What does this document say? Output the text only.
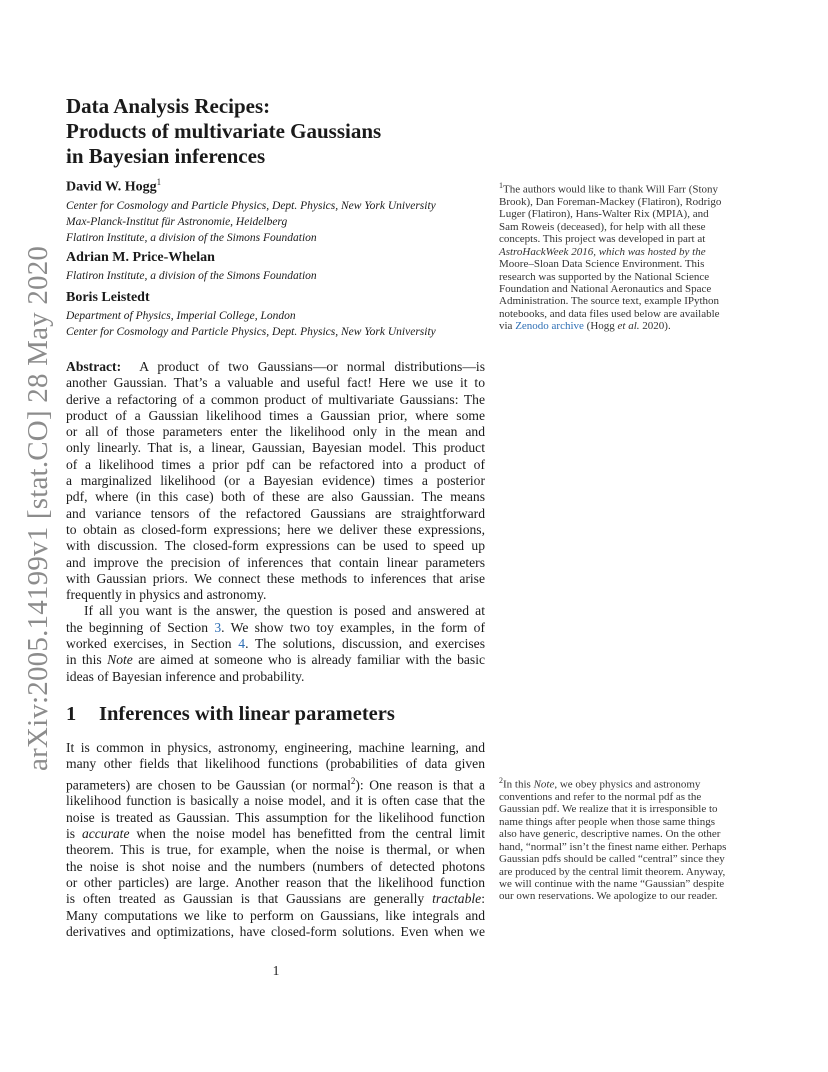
arXiv:2005.14199v1 [stat.CO] 28 May 2020
Data Analysis Recipes:
Products of multivariate Gaussians
in Bayesian inferences
David W. Hogg$^1$
Center for Cosmology and Particle Physics, Dept. Physics, New York University
Max-Planck-Institut für Astronomie, Heidelberg
Flatiron Institute, a division of the Simons Foundation
Adrian M. Price-Whelan
Flatiron Institute, a division of the Simons Foundation
Boris Leistedt
Department of Physics, Imperial College, London
Center for Cosmology and Particle Physics, Dept. Physics, New York University
$^1$The authors would like to thank Will Farr (Stony
Brook), Dan Foreman-Mackey (Flatiron), Rodrigo
Luger (Flatiron), Hans-Walter Rix (MPIA), and
Sam Roweis (deceased), for help with all these
concepts. This project was developed in part at
AstroHackWeek 2016, which was hosted by the
Moore–Sloan Data Science Environment. This
research was supported by the National Science
Foundation and National Aeronautics and Space
Administration. The source text, example IPython
notebooks, and data files used below are available
via Zenodo archive (Hogg et al. 2020).
Abstract: A product of two Gaussians—or normal distributions—is
another Gaussian. That’s a valuable and useful fact! Here we use it to
derive a refactoring of a common product of multivariate Gaussians: The
product of a Gaussian likelihood times a Gaussian prior, where some
or all of those parameters enter the likelihood only in the mean and
only linearly. That is, a linear, Gaussian, Bayesian model. This product
of a likelihood times a prior pdf can be refactored into a product of
a marginalized likelihood (or a Bayesian evidence) times a posterior
pdf, where (in this case) both of these are also Gaussian. The means
and variance tensors of the refactored Gaussians are straightforward
to obtain as closed-form expressions; here we deliver these expressions,
with discussion. The closed-form expressions can be used to speed up
and improve the precision of inferences that contain linear parameters
with Gaussian priors. We connect these methods to inferences that arise
frequently in physics and astronomy.
If all you want is the answer, the question is posed and answered at
the beginning of Section 3. We show two toy examples, in the form of
worked exercises, in Section 4. The solutions, discussion, and exercises
in this Note are aimed at someone who is already familiar with the basic
ideas of Bayesian inference and probability.
1 Inferences with linear parameters
It is common in physics, astronomy, engineering, machine learning, and
many other fields that likelihood functions (probabilities of data given
parameters) are chosen to be Gaussian (or normal$^2$): One reason is that a
likelihood function is basically a noise model, and it is often case that the
noise is treated as Gaussian. This assumption for the likelihood function
is accurate when the noise model has benefitted from the central limit
theorem. This is true, for example, when the noise is thermal, or when
the noise is shot noise and the numbers (numbers of detected photons
or other particles) are large. Another reason that the likelihood function
is often treated as Gaussian is that Gaussians are generally tractable:
Many computations we like to perform on Gaussians, like integrals and
derivatives and optimizations, have closed-form solutions. Even when we
$^2$In this Note, we obey physics and astronomy
conventions and refer to the normal pdf as the
Gaussian pdf. We realize that it is irresponsible to
name things after people when those same things
also have generic, descriptive names. On the other
hand, “normal” isn’t the finest name either. Perhaps
Gaussian pdfs should be called “central” since they
are produced by the central limit theorem. Anyway,
we will continue with the name “Gaussian” despite
our own reservations. We apologize to our reader.
1
